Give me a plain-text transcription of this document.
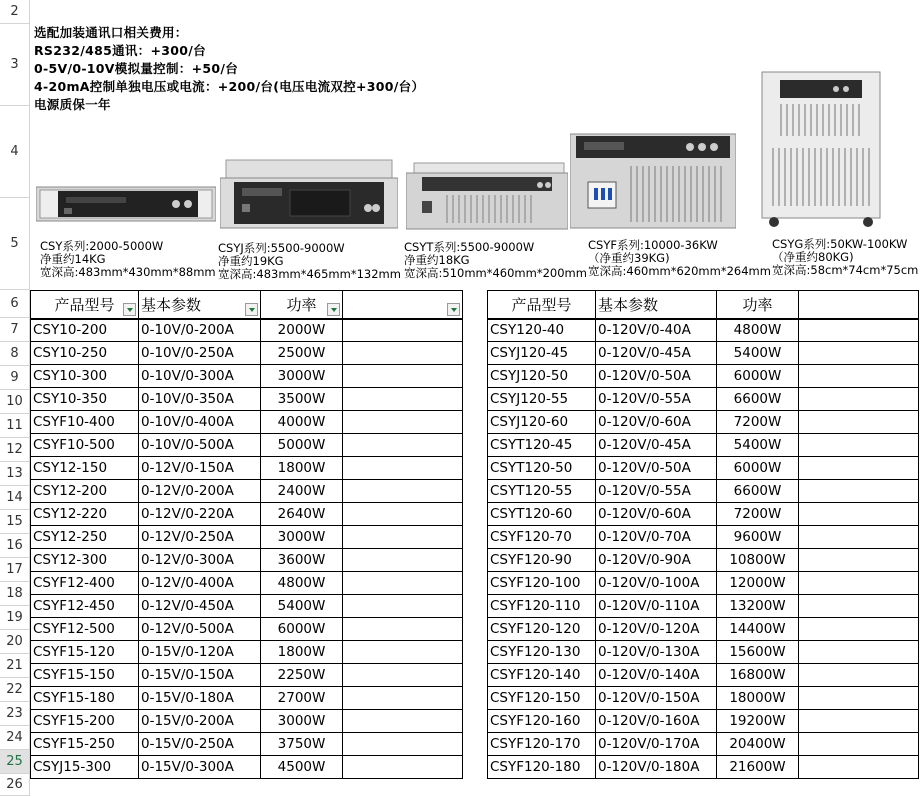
2
3
4
5
6
7
8
9
10
11
12
13
14
15
16
17
18
19
20
21
22
23
24
25
26
选配加装通讯口相关费用：
RS232/485通讯：+300/台
0-5V/0-10V模拟量控制：+50/台
4-20mA控制单独电压或电流：+200/台(电压电流双控+300/台）
电源质保一年
CSY系列:2000-5000W
净重约14KG
宽深高:483mm*430mm*88mm
CSYJ系列:5500-9000W
净重约19KG
宽深高:483mm*465mm*132mm
CSYT系列:5500-9000W
净重约18KG
宽深高:510mm*460mm*200mm
CSYF系列:10000-36KW
（净重约39KG)
宽深高:460mm*620mm*264mm
CSYG系列:50KW-100KW
（净重约80KG)
宽深高:58cm*74cm*75cm
产品型号	基本参数	功率

CSY10-200	0-10V/0-200A	2000W	
CSY10-250	0-10V/0-250A	2500W	
CSY10-300	0-10V/0-300A	3000W	
CSY10-350	0-10V/0-350A	3500W	
CSYF10-400	0-10V/0-400A	4000W	
CSYF10-500	0-10V/0-500A	5000W	
CSY12-150	0-12V/0-150A	1800W	
CSY12-200	0-12V/0-200A	2400W	
CSY12-220	0-12V/0-220A	2640W	
CSY12-250	0-12V/0-250A	3000W	
CSY12-300	0-12V/0-300A	3600W	
CSYF12-400	0-12V/0-400A	4800W	
CSYF12-450	0-12V/0-450A	5400W	
CSYF12-500	0-12V/0-500A	6000W	
CSYF15-120	0-15V/0-120A	1800W	
CSYF15-150	0-15V/0-150A	2250W	
CSYF15-180	0-15V/0-180A	2700W	
CSYF15-200	0-15V/0-200A	3000W	
CSYF15-250	0-15V/0-250A	3750W	
CSYJ15-300	0-15V/0-300A	4500W	
产品型号	基本参数	功率	
CSY120-40	0-120V/0-40A	4800W	
CSYJ120-45	0-120V/0-45A	5400W	
CSYJ120-50	0-120V/0-50A	6000W	
CSYJ120-55	0-120V/0-55A	6600W	
CSYJ120-60	0-120V/0-60A	7200W	
CSYT120-45	0-120V/0-45A	5400W	
CSYT120-50	0-120V/0-50A	6000W	
CSYT120-55	0-120V/0-55A	6600W	
CSYT120-60	0-120V/0-60A	7200W	
CSYF120-70	0-120V/0-70A	9600W	
CSYF120-90	0-120V/0-90A	10800W	
CSYF120-100	0-120V/0-100A	12000W	
CSYF120-110	0-120V/0-110A	13200W	
CSYF120-120	0-120V/0-120A	14400W	
CSYF120-130	0-120V/0-130A	15600W	
CSYF120-140	0-120V/0-140A	16800W	
CSYF120-150	0-120V/0-150A	18000W	
CSYF120-160	0-120V/0-160A	19200W	
CSYF120-170	0-120V/0-170A	20400W	
CSYF120-180	0-120V/0-180A	21600W	
